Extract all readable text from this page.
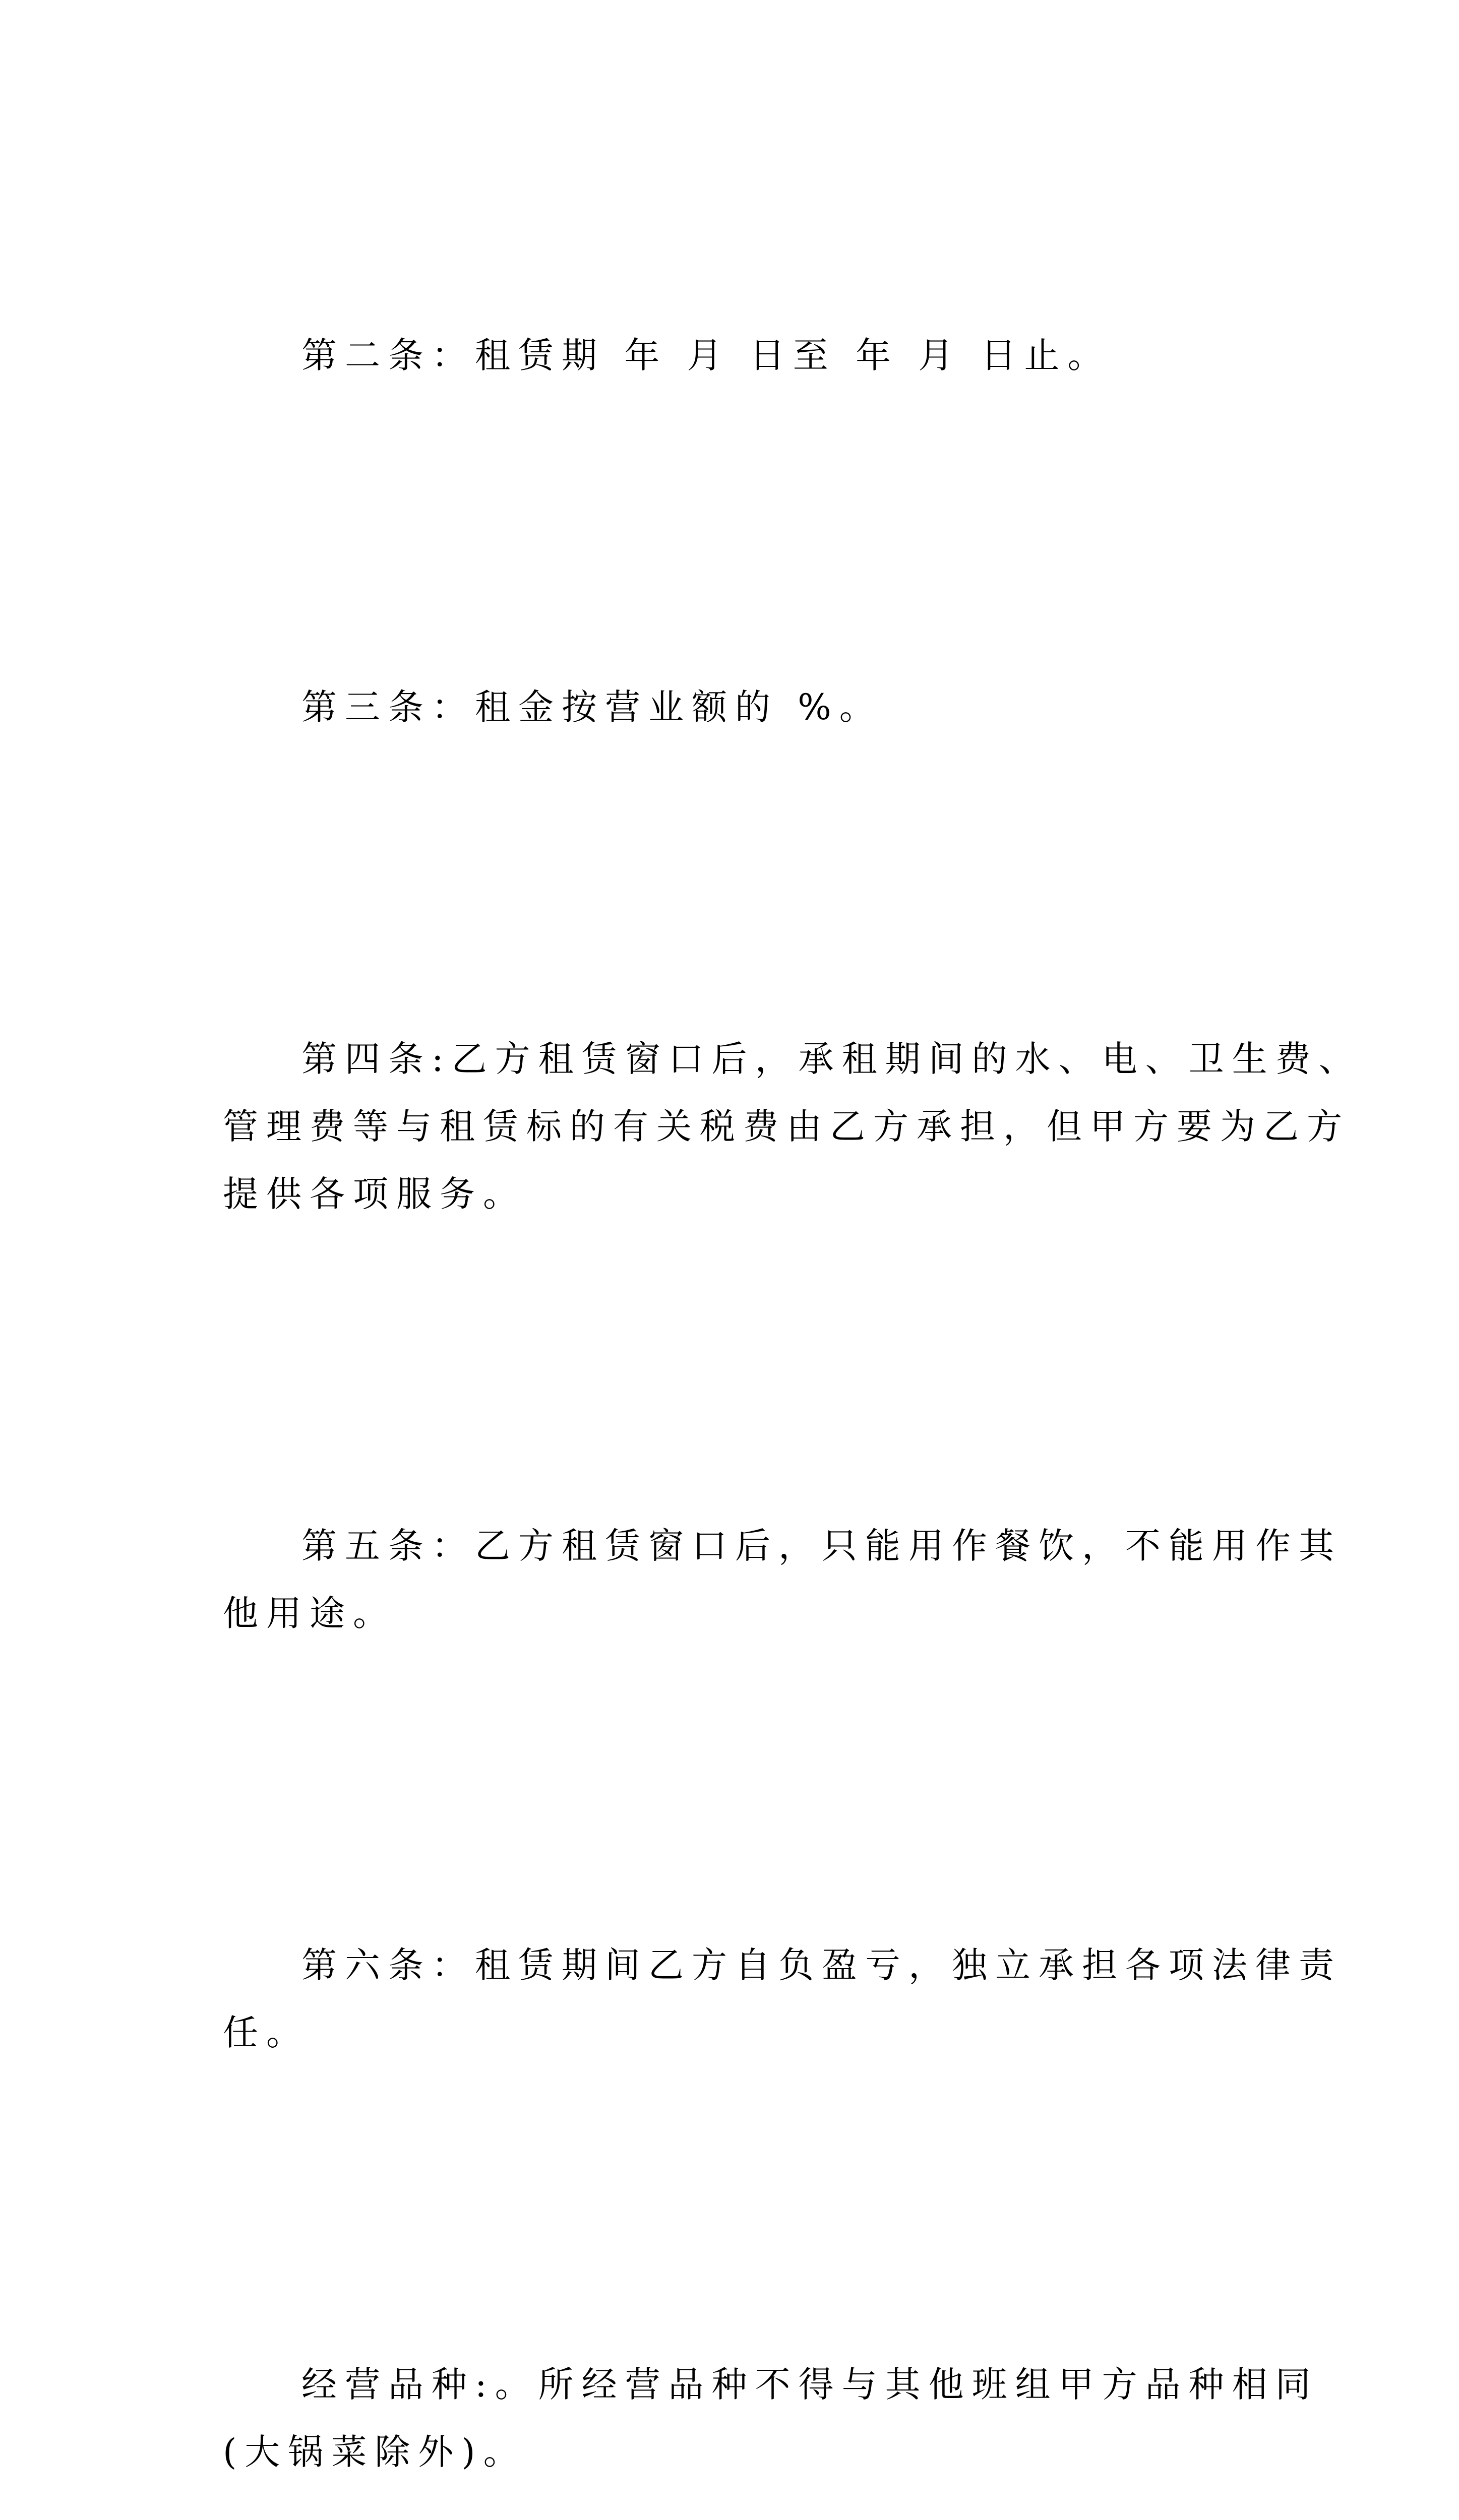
第二条：租赁期 年 月 日至 年 月 日止。

第三条：租金按营业额的 %。

第四条:乙方租赁窗口后，承租期间的水、电、卫生费、
管理费等与租赁标的有关税费由乙方承担，但甲方要为乙方
提供各项服务。

第五条：乙方租赁窗口后，只能用作餐饮，不能用作其
他用途。

第六条：租赁期间乙方自负盈亏，独立承担各项法律责
任。

经营品种:。所经营品种不得与其他班组甲方品种相同
(大锅菜除外)。
